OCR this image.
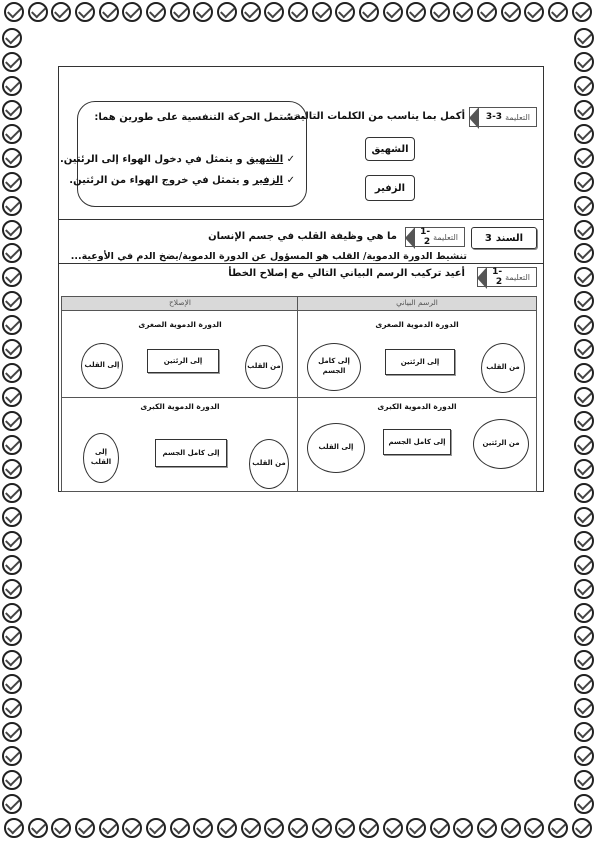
التعليمة
3-3
أكمل بما يناسب من الكلمات التالية :
الشهيق
الزفير
- تشتمل الحركة التنفسية على طورين هما:
✓ الشهيق و يتمثل في دخول الهواء إلى الرئتين.
✓ الزفير و يتمثل في خروج الهواء من الرئتين.
السند
3
التعليمة
1-2
ما هي وظيفة القلب في جسم الإنسان
تنشيط الدورة الدموية/ القلب هو المسؤول عن الدورة الدموية/يضخ الدم في الأوعية...
التعليمة
1-2
أعيد تركيب الرسم البياني التالي مع إصلاح الخطأ
الرسم البياني
الإصلاح
الدورة الدموية الصغرى
من القلب
إلى الرئتين
إلى كامل الجسم
الدورة الدموية الكبرى
من الرئتين
إلى كامل الجسم
إلى القلب
الدورة الدموية الصغرى
من القلب
إلى الرئتين
إلى القلب
الدورة الدموية الكبرى
من القلب
إلى كامل الجسم
إلى القلب
